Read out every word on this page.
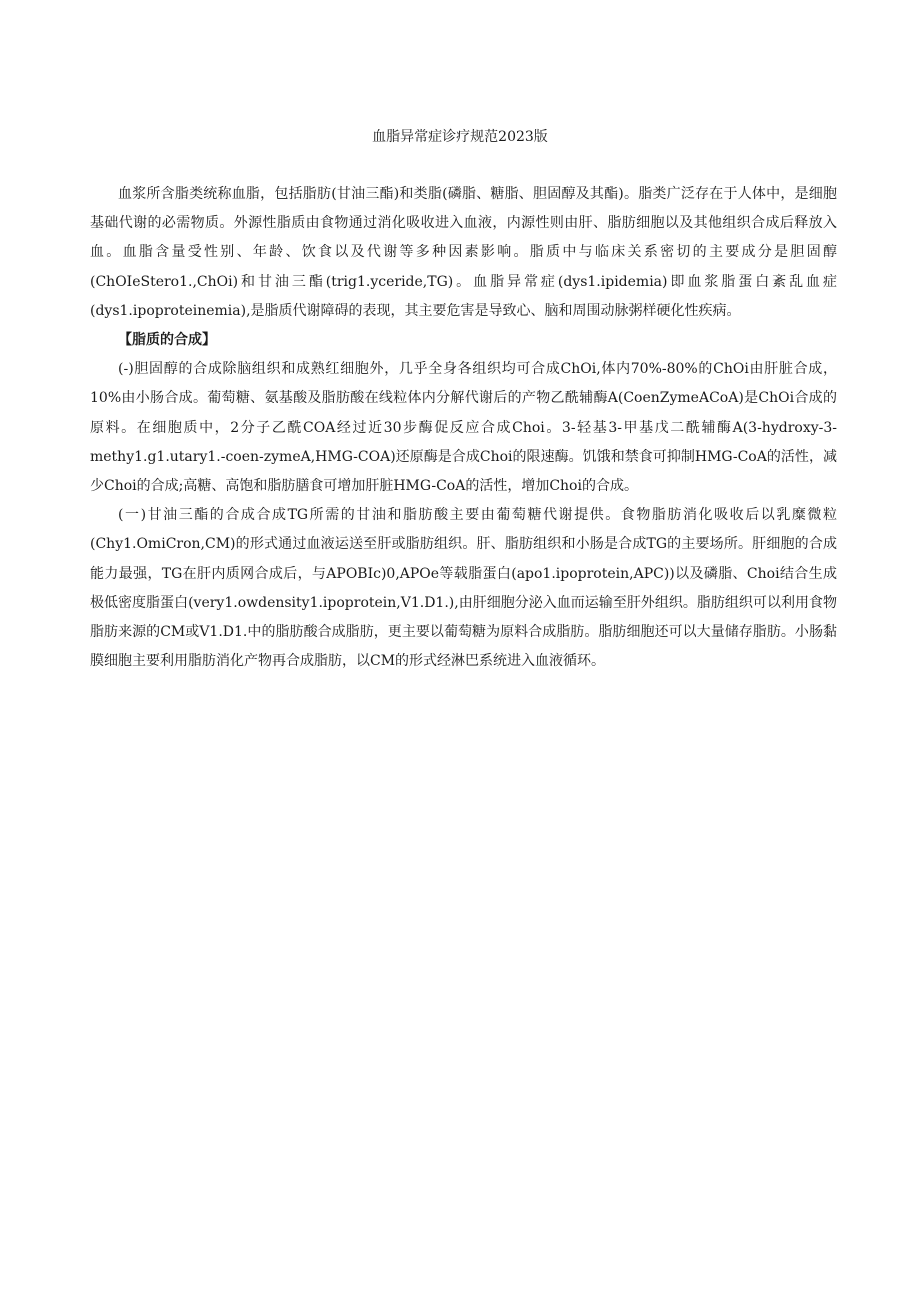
血脂异常症诊疗规范2023版

血浆所含脂类统称血脂，包括脂肪(甘油三酯)和类脂(磷脂、糖脂、胆固醇及其酯)。脂类广泛存在于人体中，是细胞基础代谢的必需物质。外源性脂质由食物通过消化吸收进入血液，内源性则由肝、脂肪细胞以及其他组织合成后释放入血。血脂含量受性别、年龄、饮食以及代谢等多种因素影响。脂质中与临床关系密切的主要成分是胆固醇(ChOIeStero1.,ChOi)和甘油三酯(trig1.yceride,TG)。血脂异常症(dys1.ipidemia)即血浆脂蛋白紊乱血症(dys1.ipoproteinemia),是脂质代谢障碍的表现，其主要危害是导致心、脑和周围动脉粥样硬化性疾病。

【脂质的合成】

(-)胆固醇的合成除脑组织和成熟红细胞外，几乎全身各组织均可合成ChOi,体内70%-80%的ChOi由肝脏合成，10%由小肠合成。葡萄糖、氨基酸及脂肪酸在线粒体内分解代谢后的产物乙酰辅酶A(CoenZymeACoA)是ChOi合成的原料。在细胞质中，2分子乙酰COA经过近30步酶促反应合成Choi。3-轻基3-甲基戊二酰辅酶A(3-hydroxy-3-methy1.g1.utary1.-coen-zymeA,HMG-COA)还原酶是合成Choi的限速酶。饥饿和禁食可抑制HMG-CoA的活性，减少Choi的合成;高糖、高饱和脂肪膳食可增加肝脏HMG-CoA的活性，增加Choi的合成。

(一)甘油三酯的合成合成TG所需的甘油和脂肪酸主要由葡萄糖代谢提供。食物脂肪消化吸收后以乳糜微粒(Chy1.OmiCron,CM)的形式通过血液运送至肝或脂肪组织。肝、脂肪组织和小肠是合成TG的主要场所。肝细胞的合成能力最强，TG在肝内质网合成后，与APOBIc)0,APOe等载脂蛋白(apo1.ipoprotein,APC))以及磷脂、Choi结合生成极低密度脂蛋白(very1.owdensity1.ipoprotein,V1.D1.),由肝细胞分泌入血而运输至肝外组织。脂肪组织可以利用食物脂肪来源的CM或V1.D1.中的脂肪酸合成脂肪，更主要以葡萄糖为原料合成脂肪。脂肪细胞还可以大量储存脂肪。小肠黏膜细胞主要利用脂肪消化产物再合成脂肪，以CM的形式经淋巴系统进入血液循环。
